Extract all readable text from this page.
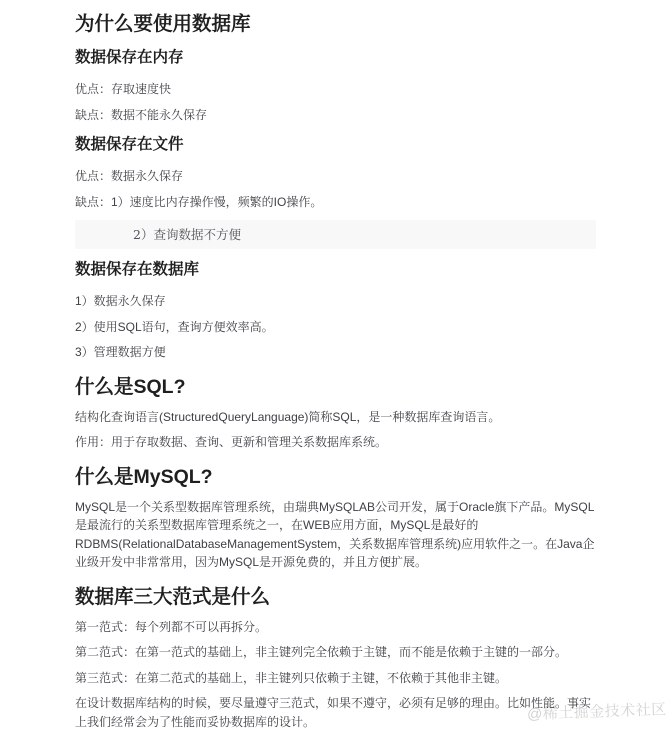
为什么要使用数据库
数据保存在内存
优点：存取速度快
缺点：数据不能永久保存
数据保存在文件
优点：数据永久保存
缺点：1）速度比内存操作慢，频繁的IO操作。
2）查询数据不方便
数据保存在数据库
1）数据永久保存
2）使用SQL语句，查询方便效率高。
3）管理数据方便
什么是SQL?
结构化查询语言(StructuredQueryLanguage)简称SQL，是一种数据库查询语言。
作用：用于存取数据、查询、更新和管理关系数据库系统。
什么是MySQL?
MySQL是一个关系型数据库管理系统，由瑞典MySQLAB公司开发，属于Oracle旗下产品。MySQL是最流行的关系型数据库管理系统之一，在WEB应用方面，MySQL是最好的RDBMS(RelationalDatabaseManagementSystem，关系数据库管理系统)应用软件之一。在Java企业级开发中非常常用，因为MySQL是开源免费的，并且方便扩展。
数据库三大范式是什么
第一范式：每个列都不可以再拆分。
第二范式：在第一范式的基础上，非主键列完全依赖于主键，而不能是依赖于主键的一部分。
第三范式：在第二范式的基础上，非主键列只依赖于主键，不依赖于其他非主键。
在设计数据库结构的时候，要尽量遵守三范式，如果不遵守，必须有足够的理由。比如性能。事实上我们经常会为了性能而妥协数据库的设计。	@稀土掘金技术社区
